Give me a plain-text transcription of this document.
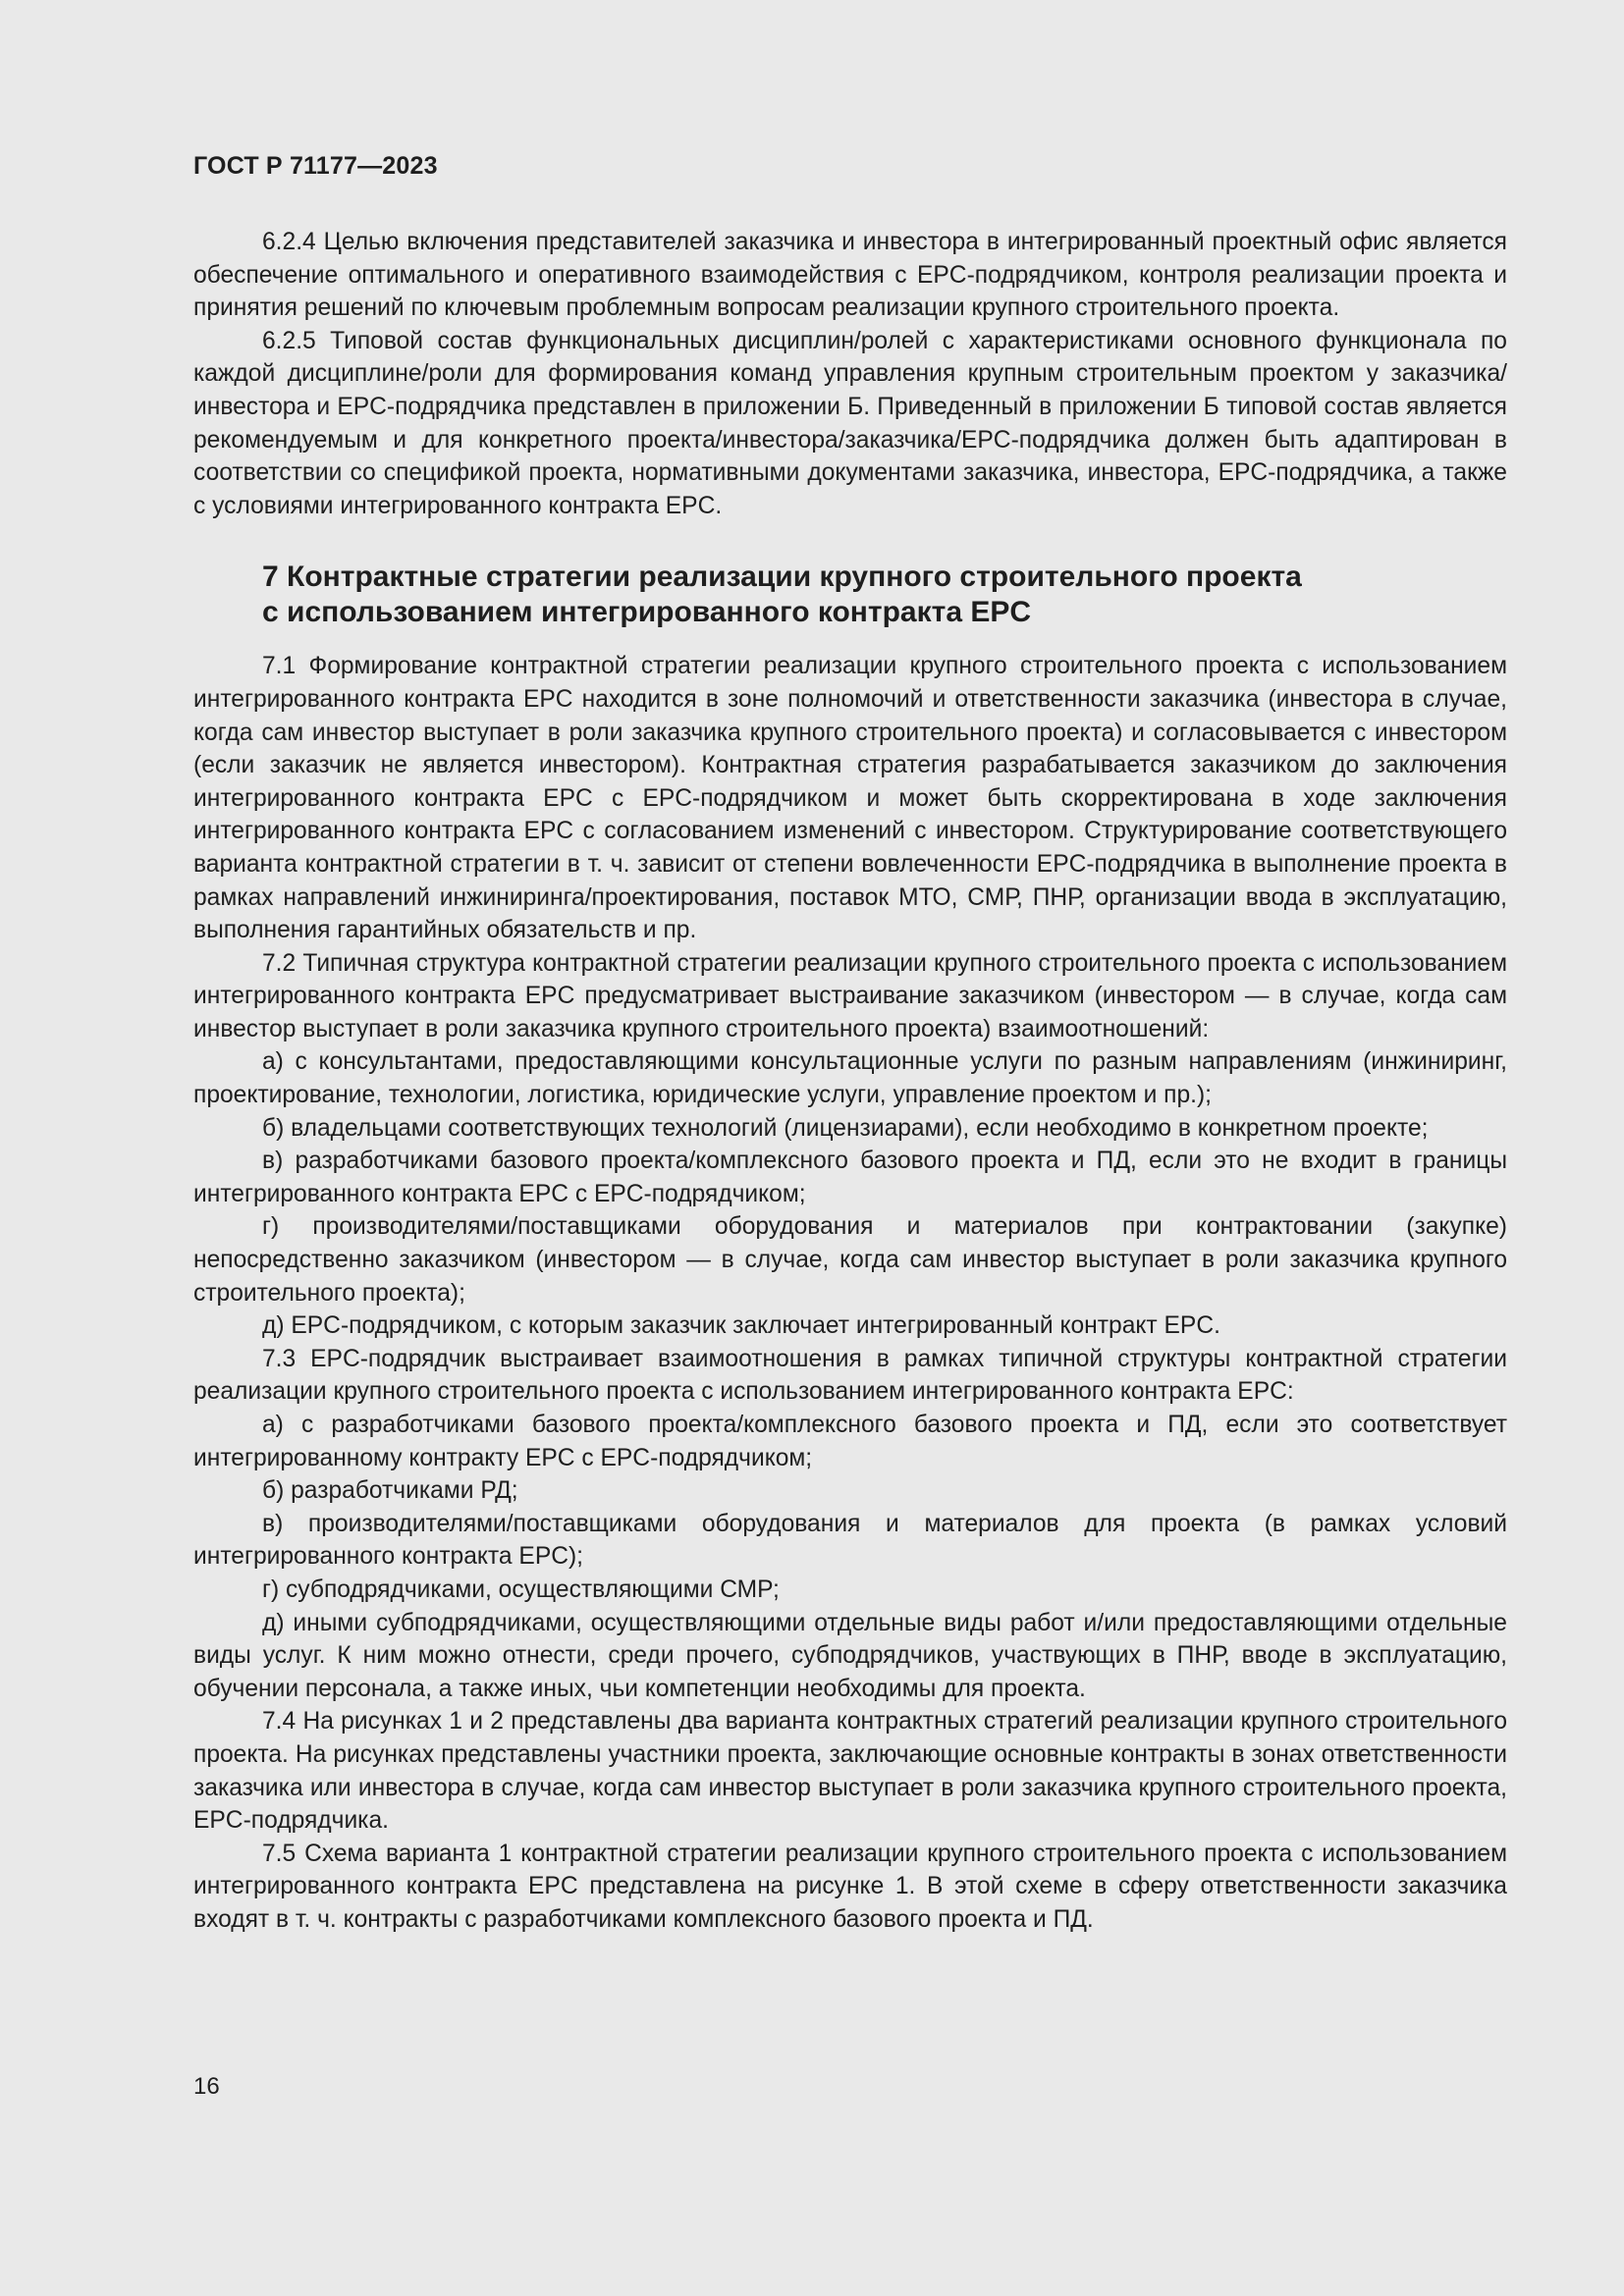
ГОСТ Р 71177—2023

6.2.4 Целью включения представителей заказчика и инвестора в интегрированный проектный офис является обеспечение оптимального и оперативного взаимодействия с EPC-подрядчиком, контроля реализации проекта и принятия решений по ключевым проблемным вопросам реализации крупного строительного проекта.

6.2.5 Типовой состав функциональных дисциплин/ролей с характеристиками основного функционала по каждой дисциплине/роли для формирования команд управления крупным строительным проектом у заказчика/инвестора и EPC-подрядчика представлен в приложении Б. Приведенный в приложении Б типовой состав является рекомендуемым и для конкретного проекта/инвестора/заказчика/EPC-подрядчика должен быть адаптирован в соответствии со спецификой проекта, нормативными документами заказчика, инвестора, EPC-подрядчика, а также с условиями интегрированного контракта EPC.

7 Контрактные стратегии реализации крупного строительного проекта
с использованием интегрированного контракта EPC

7.1 Формирование контрактной стратегии реализации крупного строительного проекта с использованием интегрированного контракта EPC находится в зоне полномочий и ответственности заказчика (инвестора в случае, когда сам инвестор выступает в роли заказчика крупного строительного проекта) и согласовывается с инвестором (если заказчик не является инвестором). Контрактная стратегия разрабатывается заказчиком до заключения интегрированного контракта EPC с EPC-подрядчиком и может быть скорректирована в ходе заключения интегрированного контракта EPC с согласованием изменений с инвестором. Структурирование соответствующего варианта контрактной стратегии в т. ч. зависит от степени вовлеченности EPC-подрядчика в выполнение проекта в рамках направлений инжиниринга/проектирования, поставок МТО, СМР, ПНР, организации ввода в эксплуатацию, выполнения гарантийных обязательств и пр.

7.2 Типичная структура контрактной стратегии реализации крупного строительного проекта с использованием интегрированного контракта EPC предусматривает выстраивание заказчиком (инвестором — в случае, когда сам инвестор выступает в роли заказчика крупного строительного проекта) взаимоотношений:

а) с консультантами, предоставляющими консультационные услуги по разным направлениям (инжиниринг, проектирование, технологии, логистика, юридические услуги, управление проектом и пр.);

б) владельцами соответствующих технологий (лицензиарами), если необходимо в конкретном проекте;

в) разработчиками базового проекта/комплексного базового проекта и ПД, если это не входит в границы интегрированного контракта EPC с EPC-подрядчиком;

г) производителями/поставщиками оборудования и материалов при контрактовании (закупке) непосредственно заказчиком (инвестором — в случае, когда сам инвестор выступает в роли заказчика крупного строительного проекта);

д) EPC-подрядчиком, с которым заказчик заключает интегрированный контракт EPC.

7.3 EPC-подрядчик выстраивает взаимоотношения в рамках типичной структуры контрактной стратегии реализации крупного строительного проекта с использованием интегрированного контракта EPC:

а) с разработчиками базового проекта/комплексного базового проекта и ПД, если это соответствует интегрированному контракту EPC с EPC-подрядчиком;

б) разработчиками РД;

в) производителями/поставщиками оборудования и материалов для проекта (в рамках условий интегрированного контракта EPC);

г) субподрядчиками, осуществляющими СМР;

д) иными субподрядчиками, осуществляющими отдельные виды работ и/или предоставляющими отдельные виды услуг. К ним можно отнести, среди прочего, субподрядчиков, участвующих в ПНР, вводе в эксплуатацию, обучении персонала, а также иных, чьи компетенции необходимы для проекта.

7.4 На рисунках 1 и 2 представлены два варианта контрактных стратегий реализации крупного строительного проекта. На рисунках представлены участники проекта, заключающие основные контракты в зонах ответственности заказчика или инвестора в случае, когда сам инвестор выступает в роли заказчика крупного строительного проекта, EPC-подрядчика.

7.5 Схема варианта 1 контрактной стратегии реализации крупного строительного проекта с использованием интегрированного контракта EPC представлена на рисунке 1. В этой схеме в сферу ответственности заказчика входят в т. ч. контракты с разработчиками комплексного базового проекта и ПД.

16
